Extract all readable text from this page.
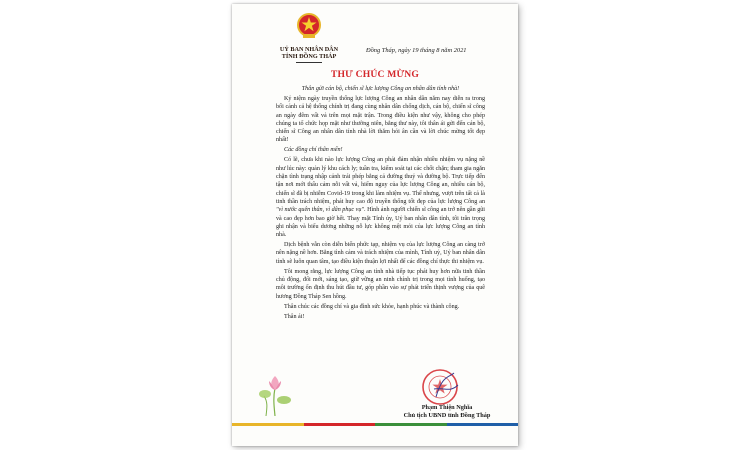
UỶ BAN NHÂN DÂN
TỈNH ĐỒNG THÁP
Đồng Tháp, ngày 19 tháng 8 năm 2021
THƯ CHÚC MỪNG

Thân gửi cán bộ, chiến sĩ lực lượng Công an nhân dân tỉnh nhà!

Kỷ niệm ngày truyền thống lực lượng Công an nhân dân năm nay diễn ra trong bối cảnh cả hệ thống chính trị đang cùng nhân dân chống dịch, cán bộ, chiến sĩ công an ngày đêm vất vả trên mọi mặt trận. Trong điều kiện như vậy, không cho phép chúng ta tổ chức họp mặt như thường niên, bằng thư này, tôi thân ái gửi đến cán bộ, chiến sĩ Công an nhân dân tỉnh nhà lời thăm hỏi ân cần và lời chúc mừng tốt đẹp nhất!

Các đồng chí thân mến!

Có lẽ, chưa khi nào lực lượng Công an phải đảm nhận nhiều nhiệm vụ nặng nề như lúc này: quản lý khu cách ly; tuần tra, kiểm soát tại các chốt chặn; tham gia ngăn chặn tình trạng nhập cảnh trái phép bằng cả đường thuỷ và đường bộ. Trực tiếp đến tận nơi mới thấu cảm nỗi vất vả, hiểm nguy của lực lượng Công an, nhiều cán bộ, chiến sĩ đã bị nhiễm Covid-19 trong khi làm nhiệm vụ. Thế nhưng, vượt trên tất cả là tinh thần trách nhiệm, phát huy cao độ truyền thống tốt đẹp của lực lượng Công an "vì nước quên thân, vì dân phục vụ". Hình ảnh người chiến sĩ công an trở nên gần gũi và cao đẹp hơn bao giờ hết. Thay mặt Tỉnh ủy, Uỷ ban nhân dân tỉnh, tôi trân trọng ghi nhận và biểu dương những nỗ lực không mệt mỏi của lực lượng Công an tỉnh nhà.

Dịch bệnh vẫn còn diễn biến phức tạp, nhiệm vụ của lực lượng Công an càng trở nên nặng nề hơn. Bằng tình cảm và trách nhiệm của mình, Tỉnh uỷ, Uỷ ban nhân dân tỉnh sẽ luôn quan tâm, tạo điều kiện thuận lợi nhất để các đồng chí thực thi nhiệm vụ.

Tôi mong rằng, lực lượng Công an tỉnh nhà tiếp tục phát huy hơn nữa tinh thần chủ động, đổi mới, sáng tạo, giữ vững an ninh chính trị trong mọi tình huống, tạo môi trường ổn định thu hút đầu tư, góp phần vào sự phát triển thịnh vượng của quê hương Đồng Tháp Sen hồng.

Thân chúc các đồng chí và gia đình sức khỏe, hạnh phúc và thành công.

Thân ái!

Phạm Thiện Nghĩa
Chủ tịch UBND tỉnh Đồng Tháp
